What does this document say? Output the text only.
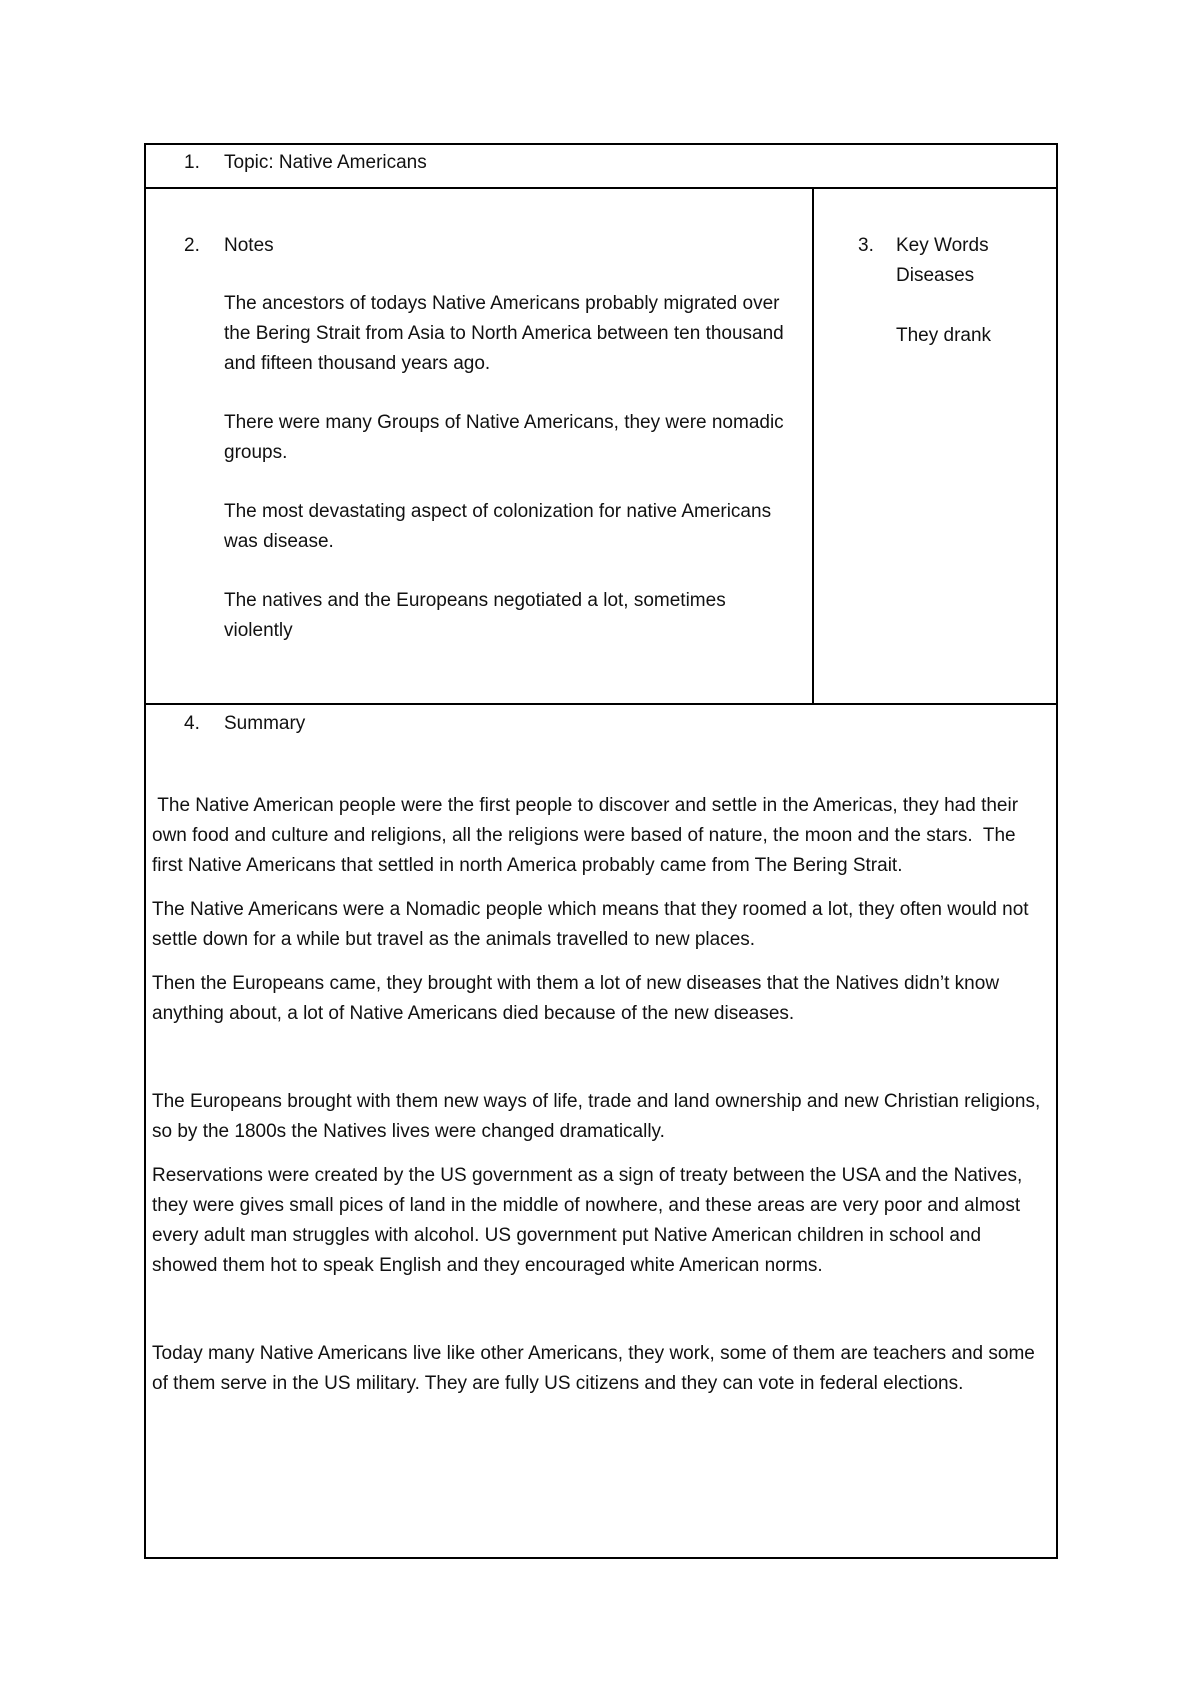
1. Topic: Native Americans
2. Notes

The ancestors of todays Native Americans probably migrated over the Bering Strait from Asia to North America between ten thousand and fifteen thousand years ago.

There were many Groups of Native Americans, they were nomadic groups.

The most devastating aspect of colonization for native Americans was disease.

The natives and the Europeans negotiated a lot, sometimes violently

3. Key Words
Diseases
They drank
4. Summary

The Native American people were the first people to discover and settle in the Americas, they had their own food and culture and religions, all the religions were based of nature, the moon and the stars.  The first Native Americans that settled in north America probably came from The Bering Strait.

The Native Americans were a Nomadic people which means that they roomed a lot, they often would not settle down for a while but travel as the animals travelled to new places.

Then the Europeans came, they brought with them a lot of new diseases that the Natives didn’t know anything about, a lot of Native Americans died because of the new diseases.

The Europeans brought with them new ways of life, trade and land ownership and new Christian religions, so by the 1800s the Natives lives were changed dramatically.

Reservations were created by the US government as a sign of treaty between the USA and the Natives, they were gives small pices of land in the middle of nowhere, and these areas are very poor and almost every adult man struggles with alcohol. US government put Native American children in school and showed them hot to speak English and they encouraged white American norms.

Today many Native Americans live like other Americans, they work, some of them are teachers and some of them serve in the US military. They are fully US citizens and they can vote in federal elections.
